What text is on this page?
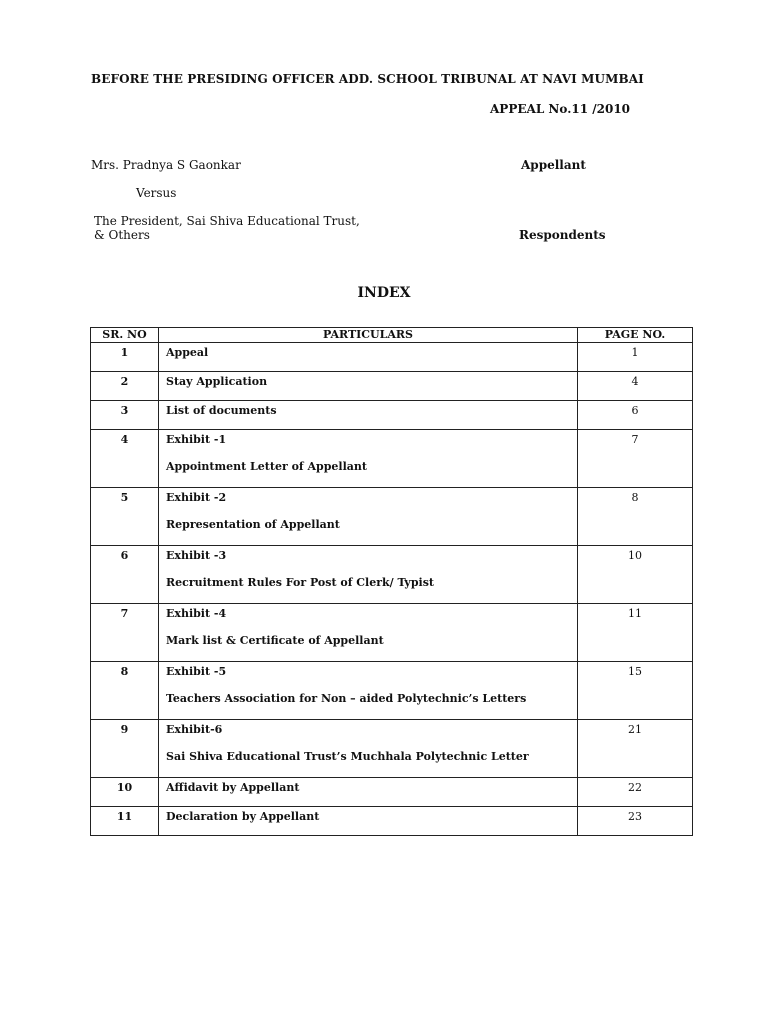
BEFORE THE PRESIDING OFFICER ADD. SCHOOL TRIBUNAL AT NAVI MUMBAI
APPEAL No.11 /2010
Mrs. Pradnya S Gaonkar	Appellant
Versus
The President, Sai Shiva Educational Trust,
& Others	Respondents
INDEX
SR. NO	PARTICULARS	PAGE NO.
1	Appeal	1
2	Stay Application	4
3	List of documents	6
4	Exhibit -1
Appointment Letter of Appellant	7
5	Exhibit -2
Representation of Appellant	8
6	Exhibit -3
Recruitment Rules For Post of Clerk/ Typist	10
7	Exhibit -4
Mark list & Certificate of Appellant	11
8	Exhibit -5
Teachers Association for Non – aided Polytechnic’s Letters	15
9	Exhibit-6
Sai Shiva Educational Trust’s Muchhala Polytechnic Letter	21
10	Affidavit by Appellant	22
11	Declaration by Appellant	23
